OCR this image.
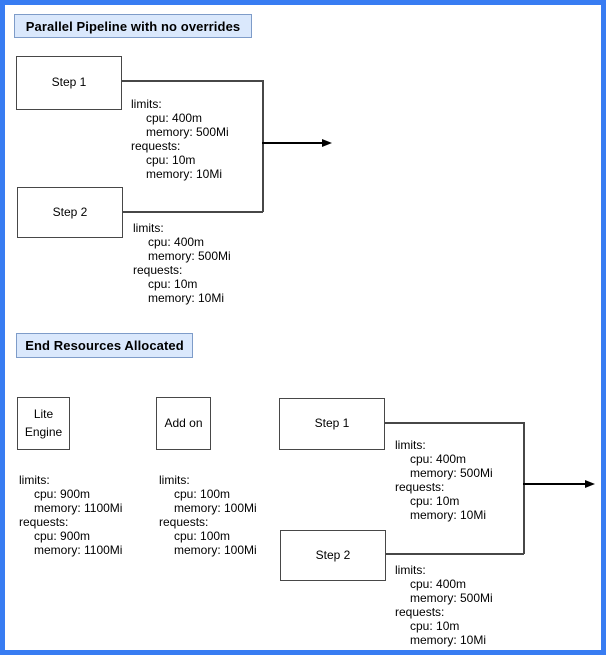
Parallel Pipeline with no overrides
Step 1
Step 2
limits:
cpu: 400m
memory: 500Mi
requests:
cpu: 10m
memory: 10Mi
limits:
cpu: 400m
memory: 500Mi
requests:
cpu: 10m
memory: 10Mi
End Resources Allocated
Lite Engine
Add on	Step 1
Step 2
limits:
cpu: 900m
memory: 1100Mi
requests:
cpu: 900m
memory: 1100Mi
limits:
cpu: 100m
memory: 100Mi
requests:
cpu: 100m
memory: 100Mi
limits:
cpu: 400m
memory: 500Mi
requests:
cpu: 10m
memory: 10Mi
limits:
cpu: 400m
memory: 500Mi
requests:
cpu: 10m
memory: 10Mi
